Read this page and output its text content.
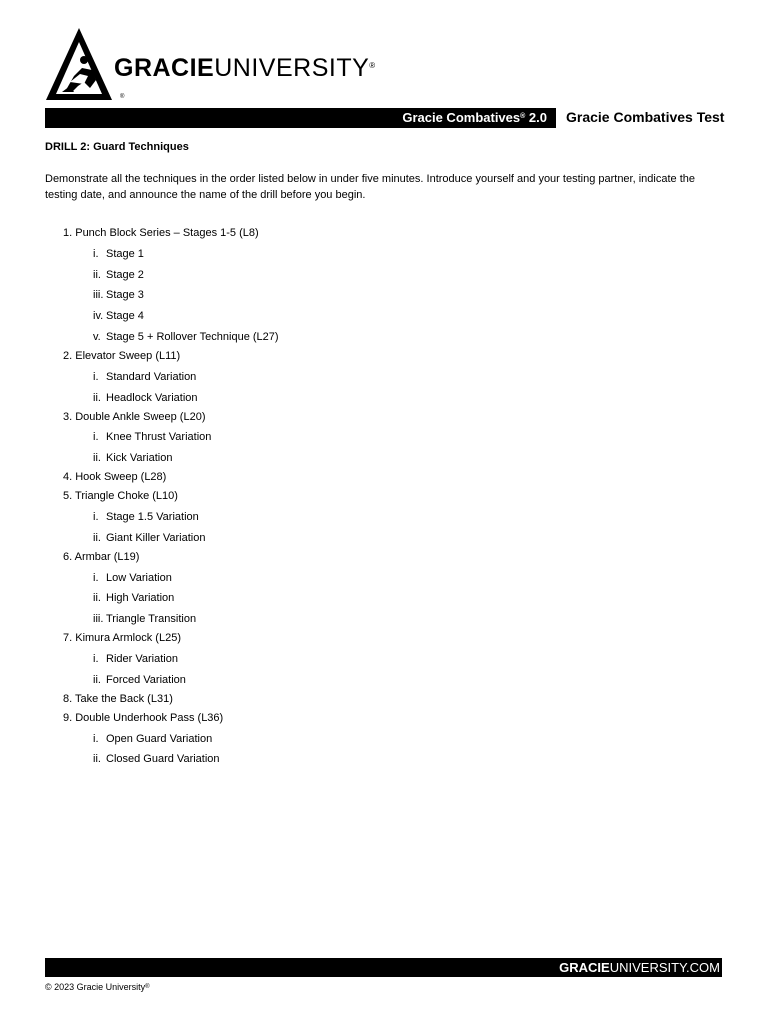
GRACIEUNIVERSITY®
®
Gracie Combatives® 2.0 Gracie Combatives Test
DRILL 2: Guard Techniques
Demonstrate all the techniques in the order listed below in under five minutes. Introduce yourself and your testing partner, indicate the testing date, and announce the name of the drill before you begin.
1. Punch Block Series – Stages 1-5 (L8)
i. Stage 1
ii. Stage 2
iii. Stage 3
iv. Stage 4
v. Stage 5 + Rollover Technique (L27)
2. Elevator Sweep (L11)
i. Standard Variation
ii. Headlock Variation
3. Double Ankle Sweep (L20)
i. Knee Thrust Variation
ii. Kick Variation
4. Hook Sweep (L28)
5. Triangle Choke (L10)
i. Stage 1.5 Variation
ii. Giant Killer Variation
6. Armbar (L19)
i. Low Variation
ii. High Variation
iii. Triangle Transition
7. Kimura Armlock (L25)
i. Rider Variation
ii. Forced Variation
8. Take the Back (L31)
9. Double Underhook Pass (L36)
i. Open Guard Variation
ii. Closed Guard Variation
GRACIEUNIVERSITY.COM
© 2023 Gracie University®
